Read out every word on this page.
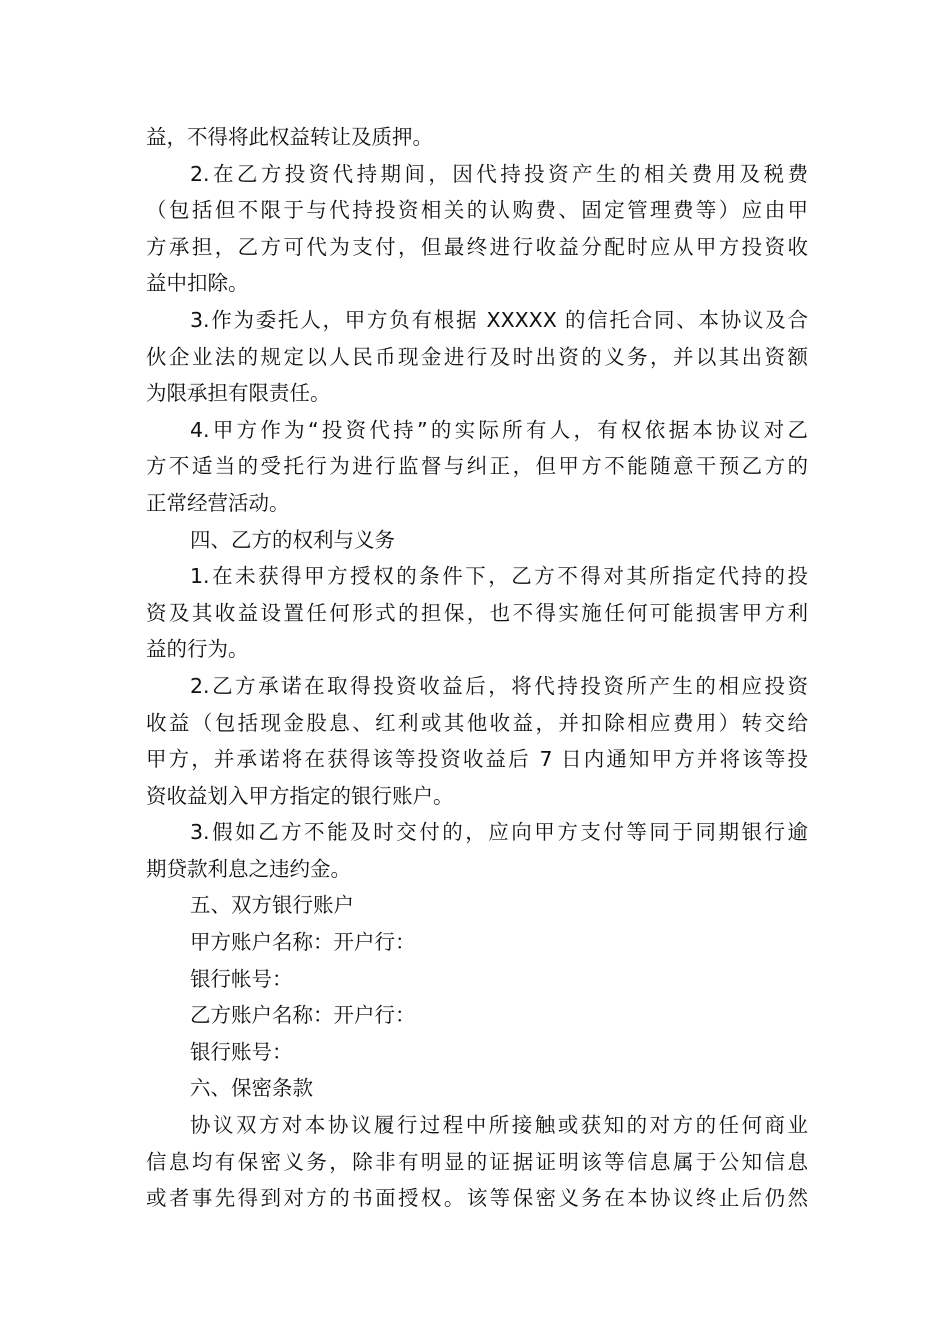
益，不得将此权益转让及质押。
2.在乙方投资代持期间，因代持投资产生的相关费用及税费
（包括但不限于与代持投资相关的认购费、固定管理费等）应由甲
方承担，乙方可代为支付，但最终进行收益分配时应从甲方投资收
益中扣除。
3.作为委托人，甲方负有根据 XXXXX 的信托合同、本协议及合
伙企业法的规定以人民币现金进行及时出资的义务，并以其出资额
为限承担有限责任。
4.甲方作为“投资代持”的实际所有人，有权依据本协议对乙
方不适当的受托行为进行监督与纠正，但甲方不能随意干预乙方的
正常经营活动。
四、乙方的权利与义务
1.在未获得甲方授权的条件下，乙方不得对其所指定代持的投
资及其收益设置任何形式的担保，也不得实施任何可能损害甲方利
益的行为。
2.乙方承诺在取得投资收益后，将代持投资所产生的相应投资
收益（包括现金股息、红利或其他收益，并扣除相应费用）转交给
甲方，并承诺将在获得该等投资收益后 7 日内通知甲方并将该等投
资收益划入甲方指定的银行账户。
3.假如乙方不能及时交付的，应向甲方支付等同于同期银行逾
期贷款利息之违约金。
五、双方银行账户
甲方账户名称：开户行：
银行帐号：
乙方账户名称：开户行：
银行账号：
六、保密条款
协议双方对本协议履行过程中所接触或获知的对方的任何商业
信息均有保密义务，除非有明显的证据证明该等信息属于公知信息
或者事先得到对方的书面授权。该等保密义务在本协议终止后仍然
